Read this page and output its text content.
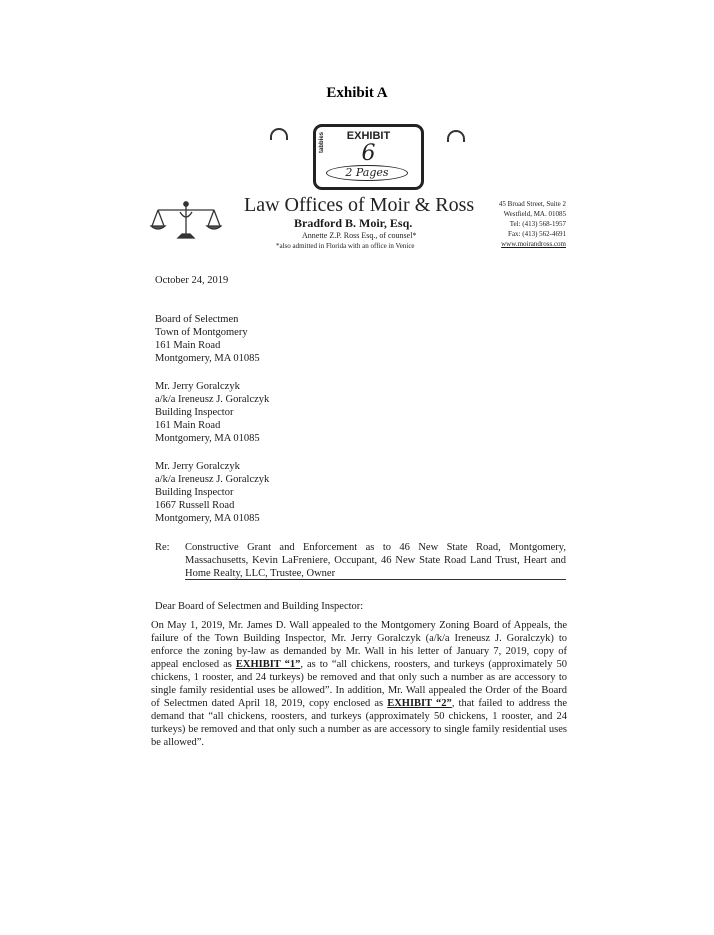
Exhibit A
EXHIBIT
tabbies	6
2 Pages
Law Offices of Moir & Ross
Bradford B. Moir, Esq.
Annette Z.P. Ross Esq., of counsel*
*also admitted in Florida with an office in Venice
45 Broad Street, Suite 2
Westfield, MA. 01085
Tel: (413) 568-1957
Fax: (413) 562-4691
www.moirandross.com
October 24, 2019
Board of Selectmen
Town of Montgomery
161 Main Road
Montgomery, MA 01085
Mr. Jerry Goralczyk
a/k/a Ireneusz J. Goralczyk
Building Inspector
161 Main Road
Montgomery, MA 01085
Mr. Jerry Goralczyk
a/k/a Ireneusz J. Goralczyk
Building Inspector
1667 Russell Road
Montgomery, MA 01085
Re: Constructive Grant and Enforcement as to 46 New State Road, Montgomery, Massachusetts, Kevin LaFreniere, Occupant, 46 New State Road Land Trust, Heart and Home Realty, LLC, Trustee, Owner
Dear Board of Selectmen and Building Inspector:
On May 1, 2019, Mr. James D. Wall appealed to the Montgomery Zoning Board of Appeals, the failure of the Town Building Inspector, Mr. Jerry Goralczyk (a/k/a Ireneusz J. Goralczyk) to enforce the zoning by-law as demanded by Mr. Wall in his letter of January 7, 2019, copy of appeal enclosed as EXHIBIT “1”, as to “all chickens, roosters, and turkeys (approximately 50 chickens, 1 rooster, and 24 turkeys) be removed and that only such a number as are accessory to single family residential uses be allowed”. In addition, Mr. Wall appealed the Order of the Board of Selectmen dated April 18, 2019, copy enclosed as EXHIBIT “2”, that failed to address the demand that “all chickens, roosters, and turkeys (approximately 50 chickens, 1 rooster, and 24 turkeys) be removed and that only such a number as are accessory to single family residential uses be allowed”.
